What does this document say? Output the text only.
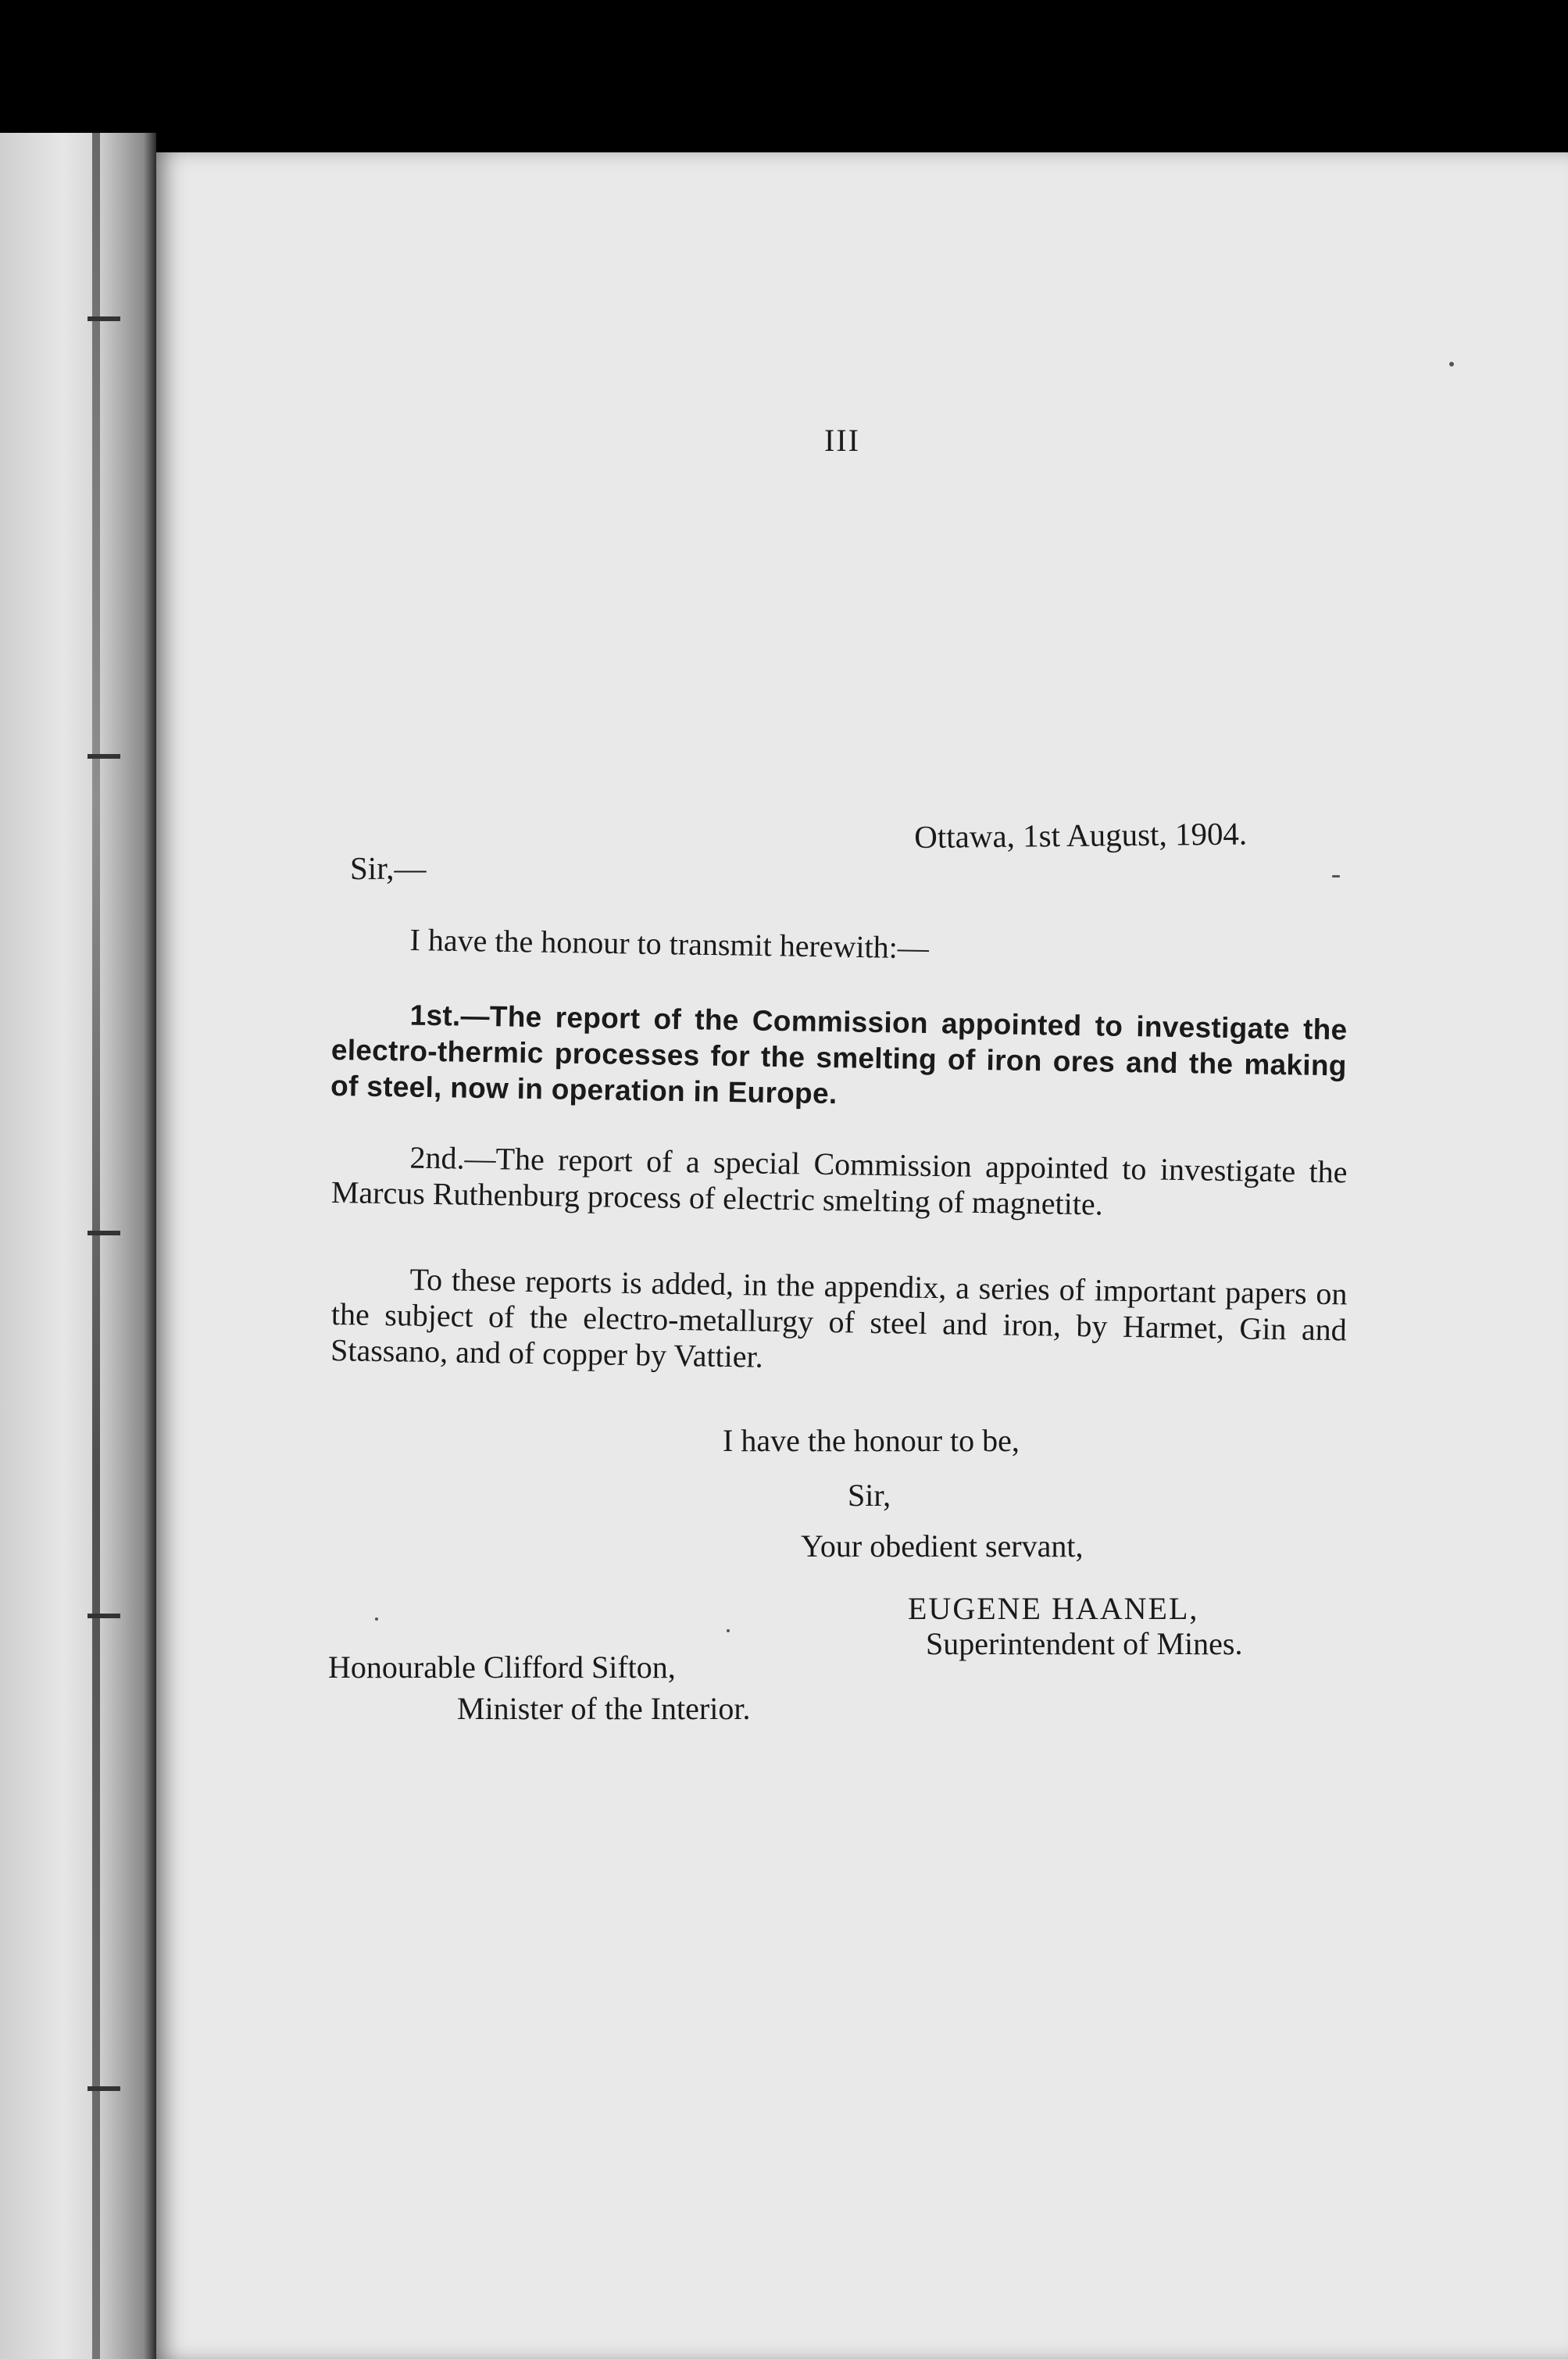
III
Ottawa, 1st August, 1904.
Sir,—
I have the honour to transmit herewith:—
1st.—The report of the Commission appointed to investigate the electro-thermic processes for the smelting of iron ores and the making of steel, now in operation in Europe.
2nd.—The report of a special Commission appointed to investigate the Marcus Ruthenburg process of electric smelting of magnetite.
To these reports is added, in the appendix, a series of important papers on the subject of the electro-metallurgy of steel and iron, by Harmet, Gin and Stassano, and of copper by Vattier.
I have the honour to be,
Sir,
Your obedient servant,
EUGENE HAANEL,
Superintendent of Mines.
Honourable Clifford Sifton,
Minister of the Interior.
